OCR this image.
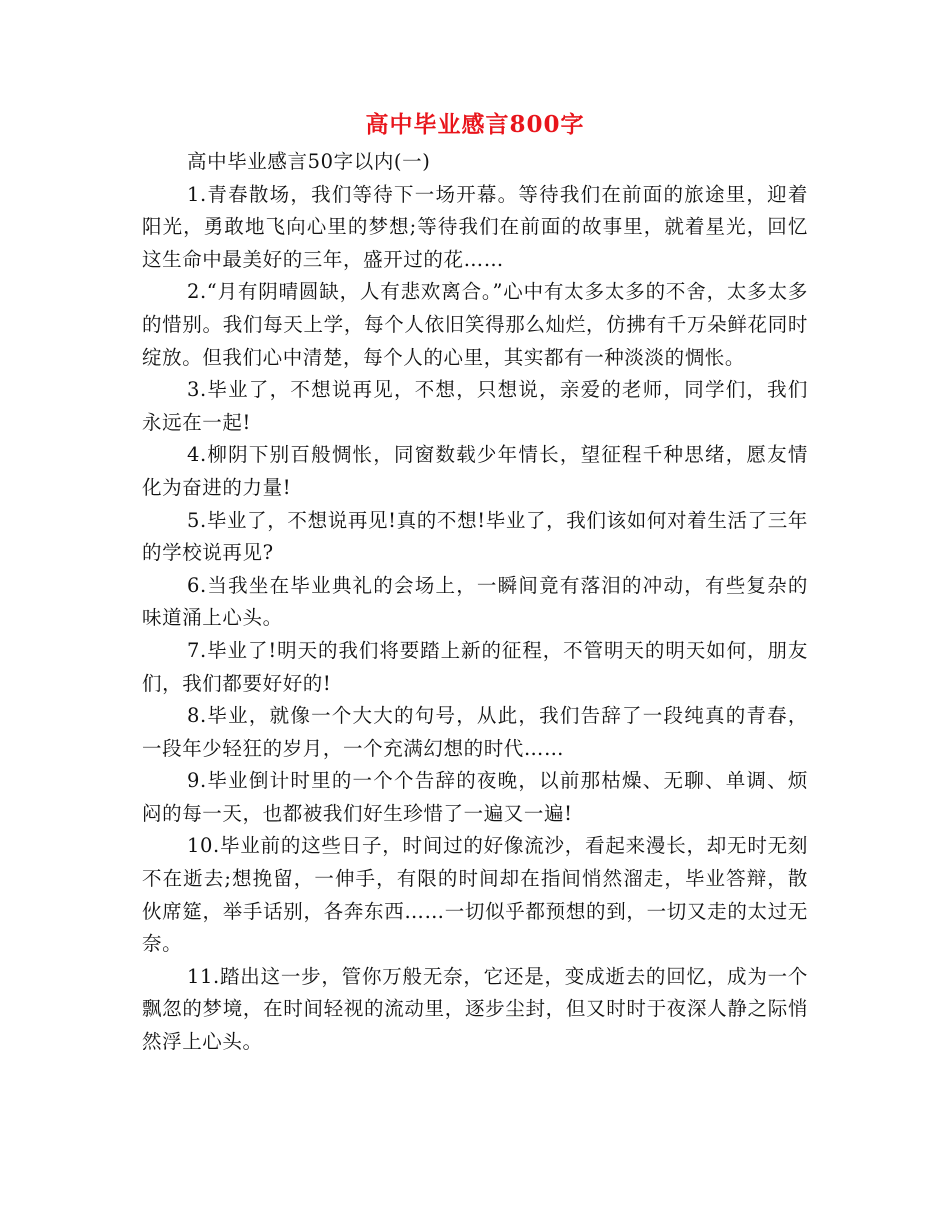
高中毕业感言800字

高中毕业感言50字以内(一)

1.青春散场，我们等待下一场开幕。等待我们在前面的旅途里，迎着阳光，勇敢地飞向心里的梦想;等待我们在前面的故事里，就着星光，回忆这生命中最美好的三年，盛开过的花……

2.“月有阴晴圆缺，人有悲欢离合。”心中有太多太多的不舍，太多太多的惜别。我们每天上学，每个人依旧笑得那么灿烂，仿拂有千万朵鲜花同时绽放。但我们心中清楚，每个人的心里，其实都有一种淡淡的惆怅。

3.毕业了，不想说再见，不想，只想说，亲爱的老师，同学们，我们永远在一起!

4.柳阴下别百般惆怅，同窗数载少年情长，望征程千种思绪，愿友情化为奋进的力量!

5.毕业了，不想说再见!真的不想!毕业了，我们该如何对着生活了三年的学校说再见?

6.当我坐在毕业典礼的会场上，一瞬间竟有落泪的冲动，有些复杂的味道涌上心头。

7.毕业了!明天的我们将要踏上新的征程，不管明天的明天如何，朋友们，我们都要好好的!

8.毕业，就像一个大大的句号，从此，我们告辞了一段纯真的青春，一段年少轻狂的岁月，一个充满幻想的时代……

9.毕业倒计时里的一个个告辞的夜晚，以前那枯燥、无聊、单调、烦闷的每一天，也都被我们好生珍惜了一遍又一遍!

10.毕业前的这些日子，时间过的好像流沙，看起来漫长，却无时无刻不在逝去;想挽留，一伸手，有限的时间却在指间悄然溜走，毕业答辩，散伙席筵，举手话别，各奔东西……一切似乎都预想的到，一切又走的太过无奈。

11.踏出这一步，管你万般无奈，它还是，变成逝去的回忆，成为一个飘忽的梦境，在时间轻视的流动里，逐步尘封，但又时时于夜深人静之际悄然浮上心头。
